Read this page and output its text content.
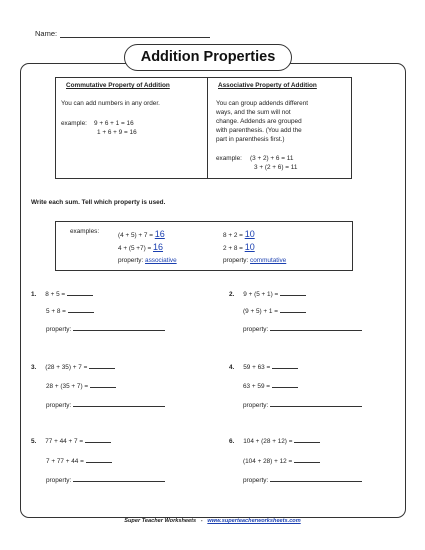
Name:
Addition Properties
Commutative Property of Addition
You can add numbers in any order.
example: 9 + 6 + 1 = 16
1 + 6 + 9 = 16
Associative Property of Addition
You can group addends different
ways, and the sum will not
change. Addends are grouped
with parenthesis. (You add the
part in parenthesis first.)
example: (3 + 2) + 6 = 11
3 + (2 + 6) = 11
Write each sum. Tell which property is used.
examples:
(4 + 5) + 7 = 16
4 + (5 +7) = 16
property: associative
8 + 2 = 10
2 + 8 = 10
property: commutative
1. 8 + 5 =
5 + 8 =
property:
3. (28 + 35) + 7 =
28 + (35 + 7) =
property:
5. 77 + 44 + 7 =
7 + 77 + 44 =
property:
2. 9 + (5 + 1) =
(9 + 5) + 1 =
property:
4. 59 + 63 =
63 + 59 =
property:
6. 104 + (28 + 12) =
(104 + 28) + 12 =
property:
Super Teacher Worksheets - www.superteacherworksheets.com
